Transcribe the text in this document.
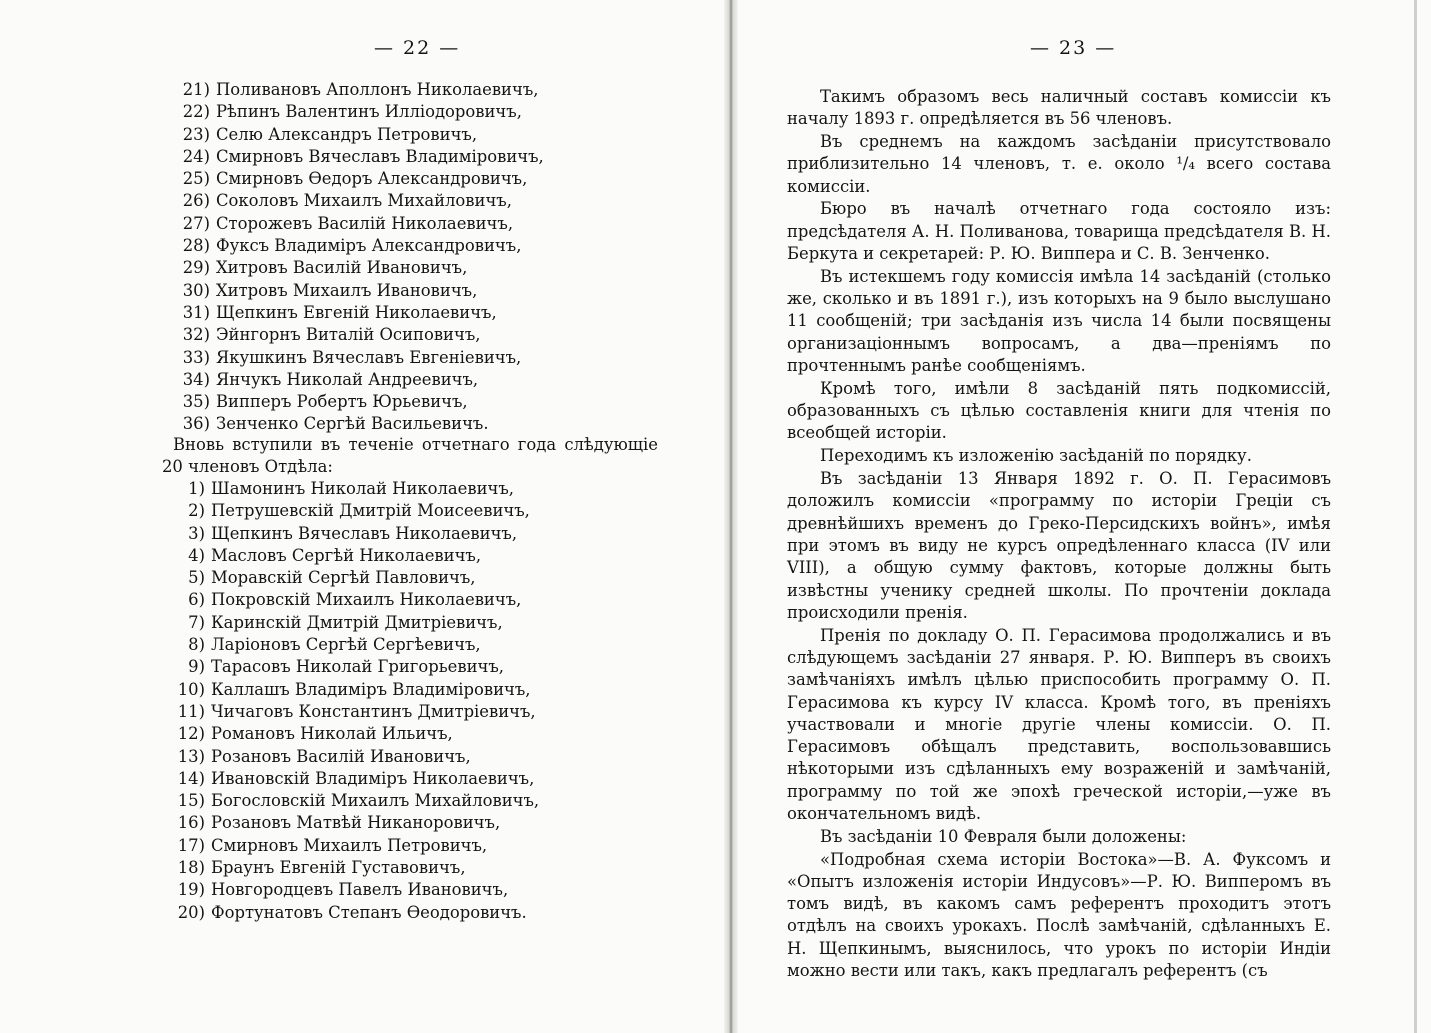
— 22 —
21) Поливановъ Аполлонъ Николаевичъ,
22) Рѣпинъ Валентинъ Илліодоровичъ,
23) Селю Александръ Петровичъ,
24) Смирновъ Вячеславъ Владиміровичъ,
25) Смирновъ Ѳедоръ Александровичъ,
26) Соколовъ Михаилъ Михайловичъ,
27) Сторожевъ Василій Николаевичъ,
28) Фуксъ Владиміръ Александровичъ,
29) Хитровъ Василій Ивановичъ,
30) Хитровъ Михаилъ Ивановичъ,
31) Щепкинъ Евгеній Николаевичъ,
32) Эйнгорнъ Виталій Осиповичъ,
33) Якушкинъ Вячеславъ Евгеніевичъ,
34) Янчукъ Николай Андреевичъ,
35) Випперъ Робертъ Юрьевичъ,
36) Зенченко Сергѣй Васильевичъ.
Вновь вступили въ теченіе отчетнаго года слѣдующіе 20 членовъ Отдѣла:
1) Шамонинъ Николай Николаевичъ,
2) Петрушевскій Дмитрій Моисеевичъ,
3) Щепкинъ Вячеславъ Николаевичъ,
4) Масловъ Сергѣй Николаевичъ,
5) Моравскій Сергѣй Павловичъ,
6) Покровскій Михаилъ Николаевичъ,
7) Каринскій Дмитрій Дмитріевичъ,
8) Ларіоновъ Сергѣй Сергѣевичъ,
9) Тарасовъ Николай Григорьевичъ,
10) Каллашъ Владиміръ Владиміровичъ,
11) Чичаговъ Константинъ Дмитріевичъ,
12) Романовъ Николай Ильичъ,
13) Розановъ Василій Ивановичъ,
14) Ивановскій Владиміръ Николаевичъ,
15) Богословскій Михаилъ Михайловичъ,
16) Розановъ Матвѣй Никаноровичъ,
17) Смирновъ Михаилъ Петровичъ,
18) Браунъ Евгеній Густавовичъ,
19) Новгородцевъ Павелъ Ивановичъ,
20) Фортунатовъ Степанъ Ѳеодоровичъ.
— 23 —

Такимъ образомъ весь наличный составъ комиссіи къ началу 1893 г. опредѣляется въ 56 членовъ.

Въ среднемъ на каждомъ засѣданіи присутствовало приблизительно 14 членовъ, т. е. около ¹/₄ всего состава комиссіи.

Бюро въ началѣ отчетнаго года состояло изъ: предсѣдателя А. Н. Поливанова, товарища предсѣдателя В. Н. Беркута и секретарей: Р. Ю. Виппера и С. В. Зенченко.

Въ истекшемъ году комиссія имѣла 14 засѣданій (столько же, сколько и въ 1891 г.), изъ которыхъ на 9 было выслушано 11 сообщеній; три засѣданія изъ числа 14 были посвящены организаціоннымъ вопросамъ, а два—преніямъ по прочтеннымъ ранѣе сообщеніямъ.

Кромѣ того, имѣли 8 засѣданій пять подкомиссій, образованныхъ съ цѣлью составленія книги для чтенія по всеобщей исторіи.

Переходимъ къ изложенію засѣданій по порядку.

Въ засѣданіи 13 Января 1892 г. О. П. Герасимовъ доложилъ комиссіи «программу по исторіи Греціи съ древнѣйшихъ временъ до Греко-Персидскихъ войнъ», имѣя при этомъ въ виду не курсъ опредѣленнаго класса (IV или VIII), а общую сумму фактовъ, которые должны быть извѣстны ученику средней школы. По прочтеніи доклада происходили пренія.

Пренія по докладу О. П. Герасимова продолжались и въ слѣдующемъ засѣданіи 27 января. Р. Ю. Випперъ въ своихъ замѣчаніяхъ имѣлъ цѣлью приспособить программу О. П. Герасимова къ курсу IV класса. Кромѣ того, въ преніяхъ участвовали и многіе другіе члены комиссіи. О. П. Герасимовъ обѣщалъ представить, воспользовавшись нѣкоторыми изъ сдѣланныхъ ему возраженій и замѣчаній, программу по той же эпохѣ греческой исторіи,—уже въ окончательномъ видѣ.

Въ засѣданіи 10 Февраля были доложены:

«Подробная схема исторіи Востока»—В. А. Фуксомъ и «Опытъ изложенія исторіи Индусовъ»—Р. Ю. Випперомъ въ томъ видѣ, въ какомъ самъ референтъ проходитъ этотъ отдѣлъ на своихъ урокахъ. Послѣ замѣчаній, сдѣланныхъ Е. Н. Щепкинымъ, выяснилось, что урокъ по исторіи Индіи можно вести или такъ, какъ предлагалъ референтъ (съ
